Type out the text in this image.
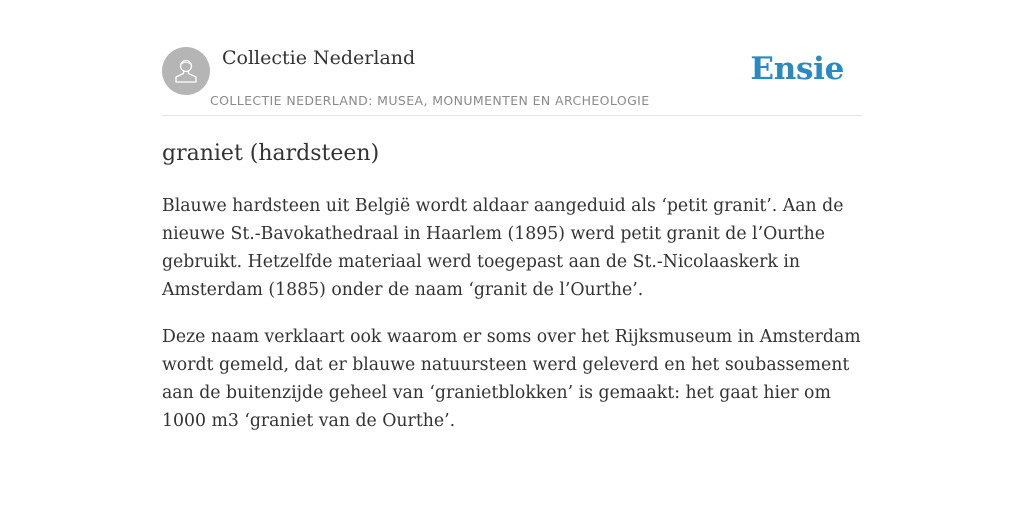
Collectie Nederland
COLLECTIE NEDERLAND: MUSEA, MONUMENTEN EN ARCHEOLOGIE
Ensie
graniet (hardsteen)

Blauwe hardsteen uit België wordt aldaar aangeduid als ‘petit granit’. Aan de nieuwe St.-Bavokathedraal in Haarlem (1895) werd petit granit de l’Ourthe gebruikt. Hetzelfde materiaal werd toegepast aan de St.-Nicolaaskerk in Amsterdam (1885) onder de naam ‘granit de l’Ourthe’.

Deze naam verklaart ook waarom er soms over het Rijksmuseum in Amsterdam wordt gemeld, dat er blauwe natuursteen werd geleverd en het soubassement aan de buitenzijde geheel van ‘granietblokken’ is gemaakt: het gaat hier om 1000 m3 ‘graniet van de Ourthe’.
